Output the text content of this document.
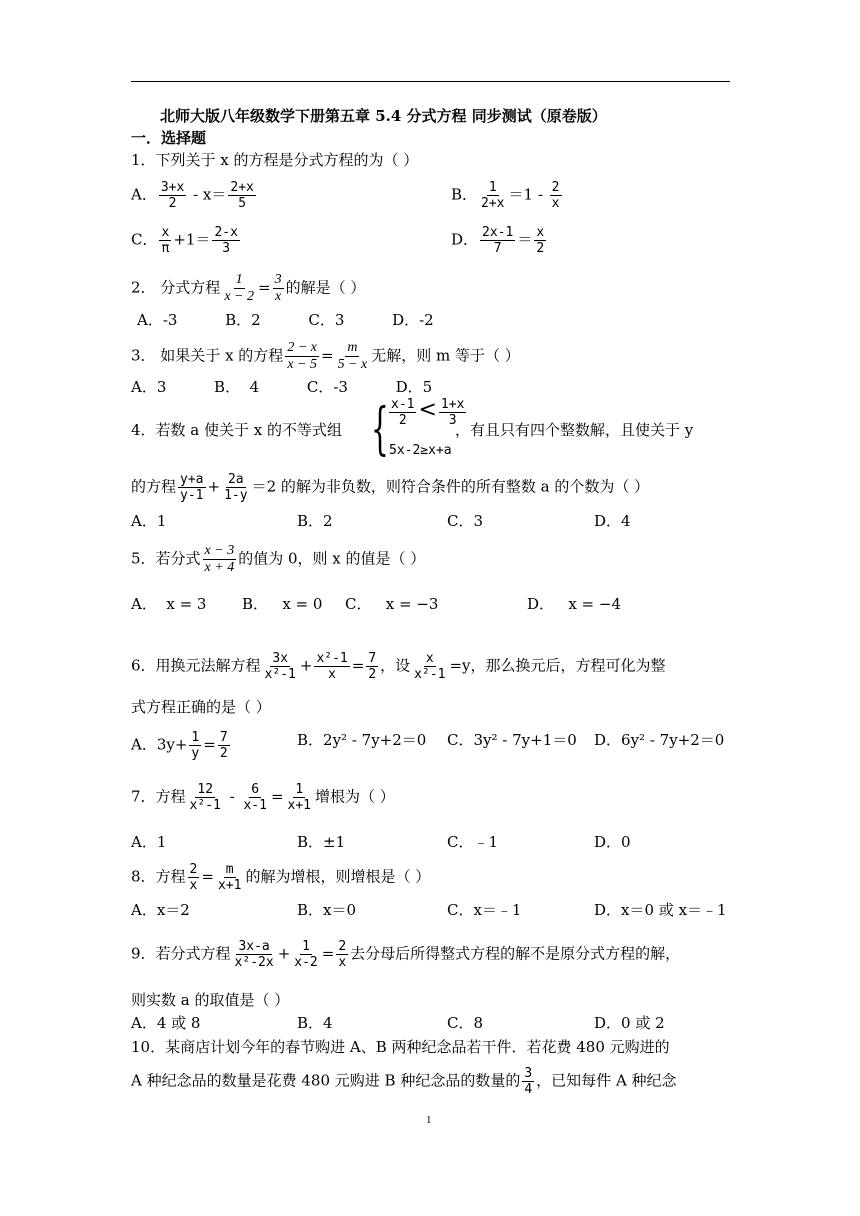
北师大版八年级数学下册第五章 5.4 分式方程 同步测试（原卷版）
一．选择题
1．下列关于 x 的方程是分式方程的为（ ）
A． $\frac{3+x}{2} - x= \frac{2+x}{5}$	B． $\frac{1}{2+x} =1 - \frac{2}{x}$
C． $\frac{x}{\pi} +1= \frac{2-x}{3}$	D． $\frac{2x-1}{7} = \frac{x}{2}$
2． 分式方程 $\frac{1}{x - 2} = \frac{3}{x}$ 的解是（ ）
A．-3          B．2          C．3          D．-2
3． 如果关于 x 的方程 $\frac{2 - x}{x - 5} = \frac{m}{5 - x}$ 无解，则 m 等于（ ）
A．3          B．  4          C．-3          D．5
4．若数 a 使关于 x 的不等式组 { $\frac{x-1}{2} < \frac{1+x}{3}$
5x-2≥x+a
，有且只有四个整数解，且使关于 y
的方程 $\frac{y+a}{y-1} + \frac{2a}{1-y} =2$ 的解为非负数，则符合条件的所有整数 a 的个数为（ ）
A．1	B．2	C．3	D．4
5．若分式 $\frac{x - 3}{x + 4}$ 的值为 0，则 x 的值是（ ）
A．  x = 3 B．   x = 0 C．   x = −3	D．   x = −4
6．用换元法解方程 $\frac{3x}{\text{x²-1}} + \frac{\text{x²-1}}{x} = \frac{7}{2}$ ，设 $\frac{x}{\text{x²-1}} =y$，那么换元后，方程可化为整
式方程正确的是（ ）
A．$3y+ \frac{1}{y} = \frac{7}{2}$	B．2y² - 7y+2＝0 C．3y² - 7y+1＝0 D．6y² - 7y+2＝0
7．方程 $\frac{12}{\text{x²-1}} - \frac{6}{x-1} = \frac{1}{x+1}$ 增根为（ ）
A．1	B．±1	C．﹣1	D．0
8．方程 $\frac{2}{x} = \frac{m}{x+1}$ 的解为增根，则增根是（ ）
A．x＝2	B．x＝0	C．x＝﹣1	D．x＝0 或 x＝﹣1
9．若分式方程 $\frac{3x-a}{\text{x²-2x}} + \frac{1}{x-2} = \frac{2}{x}$ 去分母后所得整式方程的解不是原分式方程的解，
则实数 a 的取值是（ ）
A．4 或 8	B．4	C．8	D．0 或 2
10．某商店计划今年的春节购进 A、B 两种纪念品若干件．若花费 480 元购进的
A 种纪念品的数量是花费 480 元购进 B 种纪念品的数量的 $\frac{3}{4}$ ，已知每件 A 种纪念
1
